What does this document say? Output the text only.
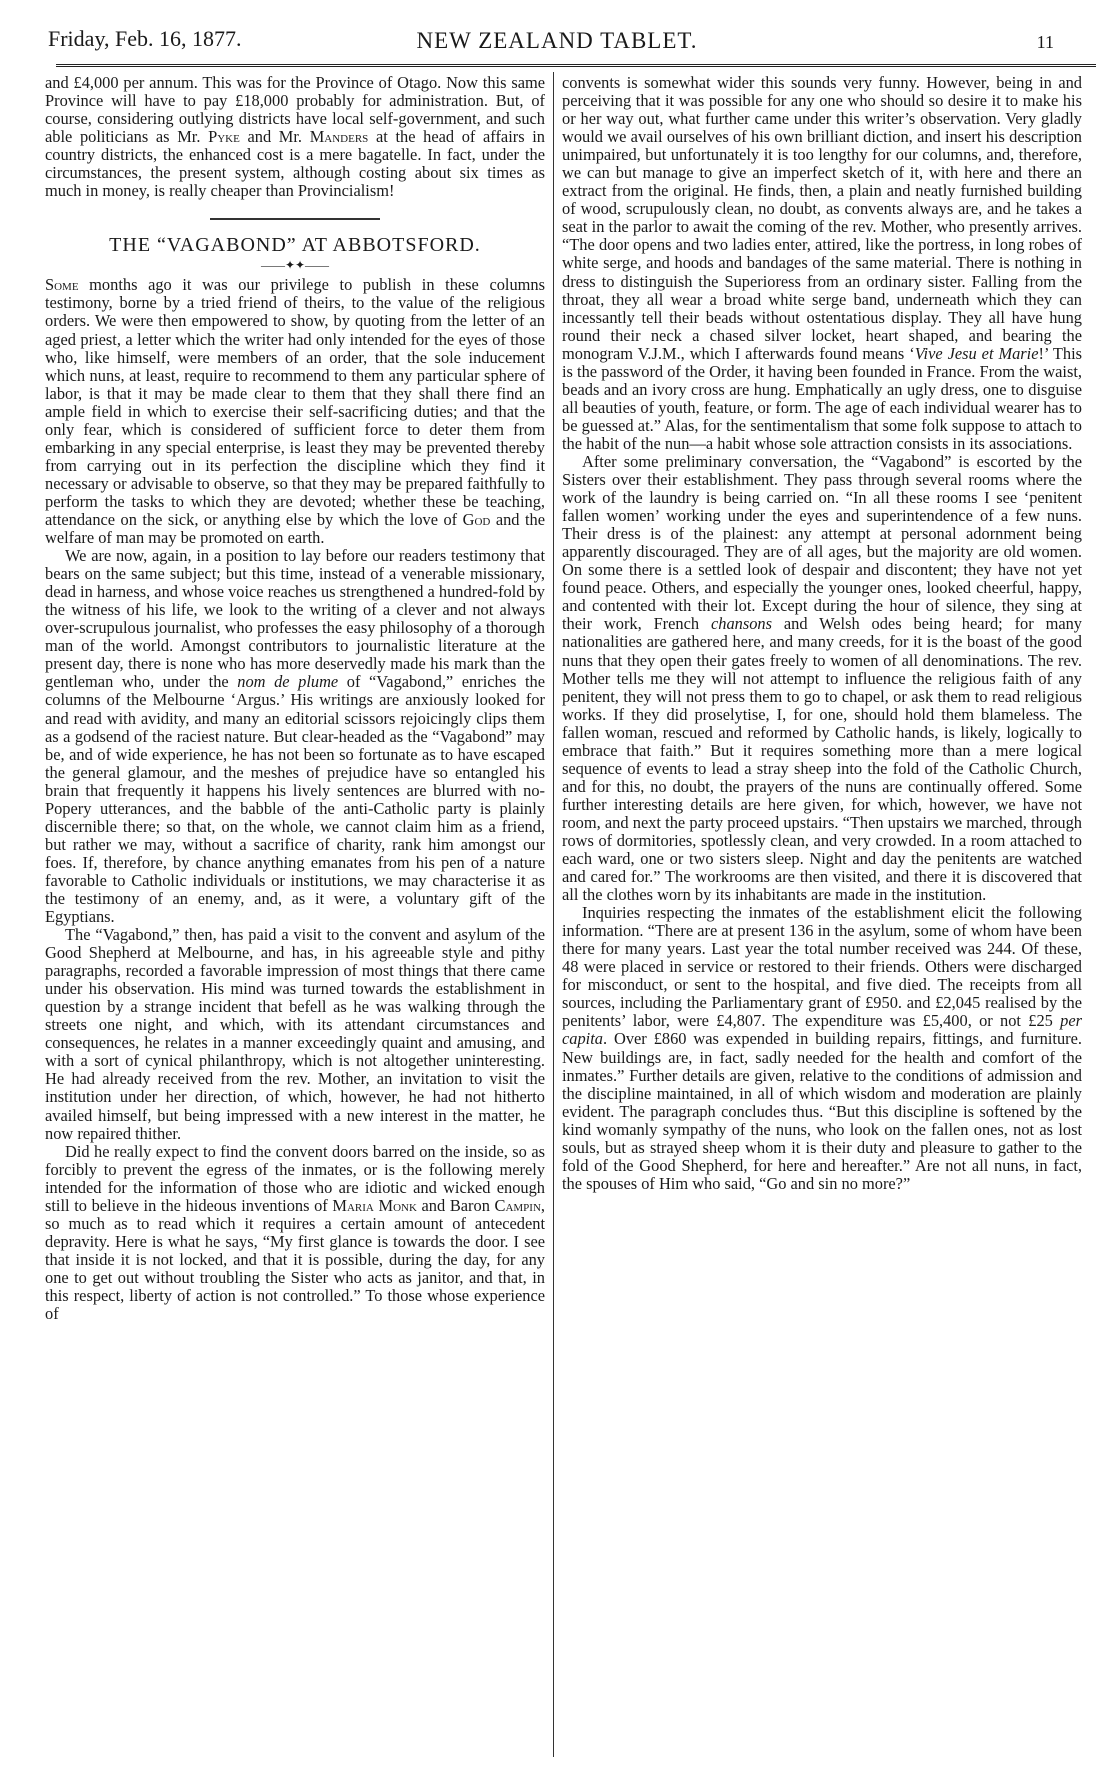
Friday, Feb. 16, 1877.	NEW ZEALAND TABLET.	11

and £4,000 per annum. This was for the Province of Otago. Now this same Province will have to pay £18,000 probably for administration. But, of course, considering outlying districts have local self-government, and such able politicians as Mr. Pyke and Mr. Manders at the head of affairs in country districts, the enhanced cost is a mere bagatelle. In fact, under the circumstances, the present system, although costing about six times as much in money, is really cheaper than Provincialism!

THE “VAGABOND” AT ABBOTSFORD.
——✦✦——

Some months ago it was our privilege to publish in these columns testimony, borne by a tried friend of theirs, to the value of the religious orders. We were then empowered to show, by quoting from the letter of an aged priest, a letter which the writer had only intended for the eyes of those who, like himself, were members of an order, that the sole inducement which nuns, at least, require to recommend to them any particular sphere of labor, is that it may be made clear to them that they shall there find an ample field in which to exercise their self-sacrificing duties; and that the only fear, which is considered of sufficient force to deter them from embarking in any special enterprise, is least they may be prevented thereby from carrying out in its perfection the discipline which they find it necessary or advisable to observe, so that they may be prepared faithfully to perform the tasks to which they are devoted; whether these be teaching, attendance on the sick, or anything else by which the love of God and the welfare of man may be promoted on earth.

We are now, again, in a position to lay before our readers testimony that bears on the same subject; but this time, instead of a venerable missionary, dead in harness, and whose voice reaches us strengthened a hundred-fold by the witness of his life, we look to the writing of a clever and not always over-scrupulous journalist, who professes the easy philosophy of a thorough man of the world. Amongst contributors to journalistic literature at the present day, there is none who has more deservedly made his mark than the gentleman who, under the nom de plume of “Vagabond,” enriches the columns of the Melbourne ‘Argus.’ His writings are anxiously looked for and read with avidity, and many an editorial scissors rejoicingly clips them as a godsend of the raciest nature. But clear-headed as the “Vagabond” may be, and of wide experience, he has not been so fortunate as to have escaped the general glamour, and the meshes of prejudice have so entangled his brain that frequently it happens his lively sentences are blurred with no-Popery utterances, and the babble of the anti-Catholic party is plainly discernible there; so that, on the whole, we cannot claim him as a friend, but rather we may, without a sacrifice of charity, rank him amongst our foes. If, therefore, by chance anything emanates from his pen of a nature favorable to Catholic individuals or institutions, we may characterise it as the testimony of an enemy, and, as it were, a voluntary gift of the Egyptians.

The “Vagabond,” then, has paid a visit to the convent and asylum of the Good Shepherd at Melbourne, and has, in his agreeable style and pithy paragraphs, recorded a favorable impression of most things that there came under his observation. His mind was turned towards the establishment in question by a strange incident that befell as he was walking through the streets one night, and which, with its attendant circumstances and consequences, he relates in a manner exceedingly quaint and amusing, and with a sort of cynical philanthropy, which is not altogether uninteresting. He had already received from the rev. Mother, an invitation to visit the institution under her direction, of which, however, he had not hitherto availed himself, but being impressed with a new interest in the matter, he now repaired thither.

Did he really expect to find the convent doors barred on the inside, so as forcibly to prevent the egress of the inmates, or is the following merely intended for the information of those who are idiotic and wicked enough still to believe in the hideous inventions of Maria Monk and Baron Campin, so much as to read which it requires a certain amount of antecedent depravity. Here is what he says, “My first glance is towards the door. I see that inside it is not locked, and that it is possible, during the day, for any one to get out without troubling the Sister who acts as janitor, and that, in this respect, liberty of action is not controlled.” To those whose experience of

convents is somewhat wider this sounds very funny. However, being in and perceiving that it was possible for any one who should so desire it to make his or her way out, what further came under this writer’s observation. Very gladly would we avail ourselves of his own brilliant diction, and insert his description unimpaired, but unfortunately it is too lengthy for our columns, and, therefore, we can but manage to give an imperfect sketch of it, with here and there an extract from the original. He finds, then, a plain and neatly furnished building of wood, scrupulously clean, no doubt, as convents always are, and he takes a seat in the parlor to await the coming of the rev. Mother, who presently arrives. “The door opens and two ladies enter, attired, like the portress, in long robes of white serge, and hoods and bandages of the same material. There is nothing in dress to distinguish the Superioress from an ordinary sister. Falling from the throat, they all wear a broad white serge band, underneath which they can incessantly tell their beads without ostentatious display. They all have hung round their neck a chased silver locket, heart shaped, and bearing the monogram V.J.M., which I afterwards found means ‘Vive Jesu et Marie!’ This is the password of the Order, it having been founded in France. From the waist, beads and an ivory cross are hung. Emphatically an ugly dress, one to disguise all beauties of youth, feature, or form. The age of each individual wearer has to be guessed at.” Alas, for the sentimentalism that some folk suppose to attach to the habit of the nun—a habit whose sole attraction consists in its associations.

After some preliminary conversation, the “Vagabond” is escorted by the Sisters over their establishment. They pass through several rooms where the work of the laundry is being carried on. “In all these rooms I see ‘penitent fallen women’ working under the eyes and superintendence of a few nuns. Their dress is of the plainest: any attempt at personal adornment being apparently discouraged. They are of all ages, but the majority are old women. On some there is a settled look of despair and discontent; they have not yet found peace. Others, and especially the younger ones, looked cheerful, happy, and contented with their lot. Except during the hour of silence, they sing at their work, French chansons and Welsh odes being heard; for many nationalities are gathered here, and many creeds, for it is the boast of the good nuns that they open their gates freely to women of all denominations. The rev. Mother tells me they will not attempt to influence the religious faith of any penitent, they will not press them to go to chapel, or ask them to read religious works. If they did proselytise, I, for one, should hold them blameless. The fallen woman, rescued and reformed by Catholic hands, is likely, logically to embrace that faith.” But it requires something more than a mere logical sequence of events to lead a stray sheep into the fold of the Catholic Church, and for this, no doubt, the prayers of the nuns are continually offered. Some further interesting details are here given, for which, however, we have not room, and next the party proceed upstairs. “Then upstairs we marched, through rows of dormitories, spotlessly clean, and very crowded. In a room attached to each ward, one or two sisters sleep. Night and day the penitents are watched and cared for.” The workrooms are then visited, and there it is discovered that all the clothes worn by its inhabitants are made in the institution.

Inquiries respecting the inmates of the establishment elicit the following information. “There are at present 136 in the asylum, some of whom have been there for many years. Last year the total number received was 244. Of these, 48 were placed in service or restored to their friends. Others were discharged for misconduct, or sent to the hospital, and five died. The receipts from all sources, including the Parliamentary grant of £950. and £2,045 realised by the penitents’ labor, were £4,807. The expenditure was £5,400, or not £25 per capita. Over £860 was expended in building repairs, fittings, and furniture. New buildings are, in fact, sadly needed for the health and comfort of the inmates.” Further details are given, relative to the conditions of admission and the discipline maintained, in all of which wisdom and moderation are plainly evident. The paragraph concludes thus. “But this discipline is softened by the kind womanly sympathy of the nuns, who look on the fallen ones, not as lost souls, but as strayed sheep whom it is their duty and pleasure to gather to the fold of the Good Shepherd, for here and hereafter.” Are not all nuns, in fact, the spouses of Him who said, “Go and sin no more?”
